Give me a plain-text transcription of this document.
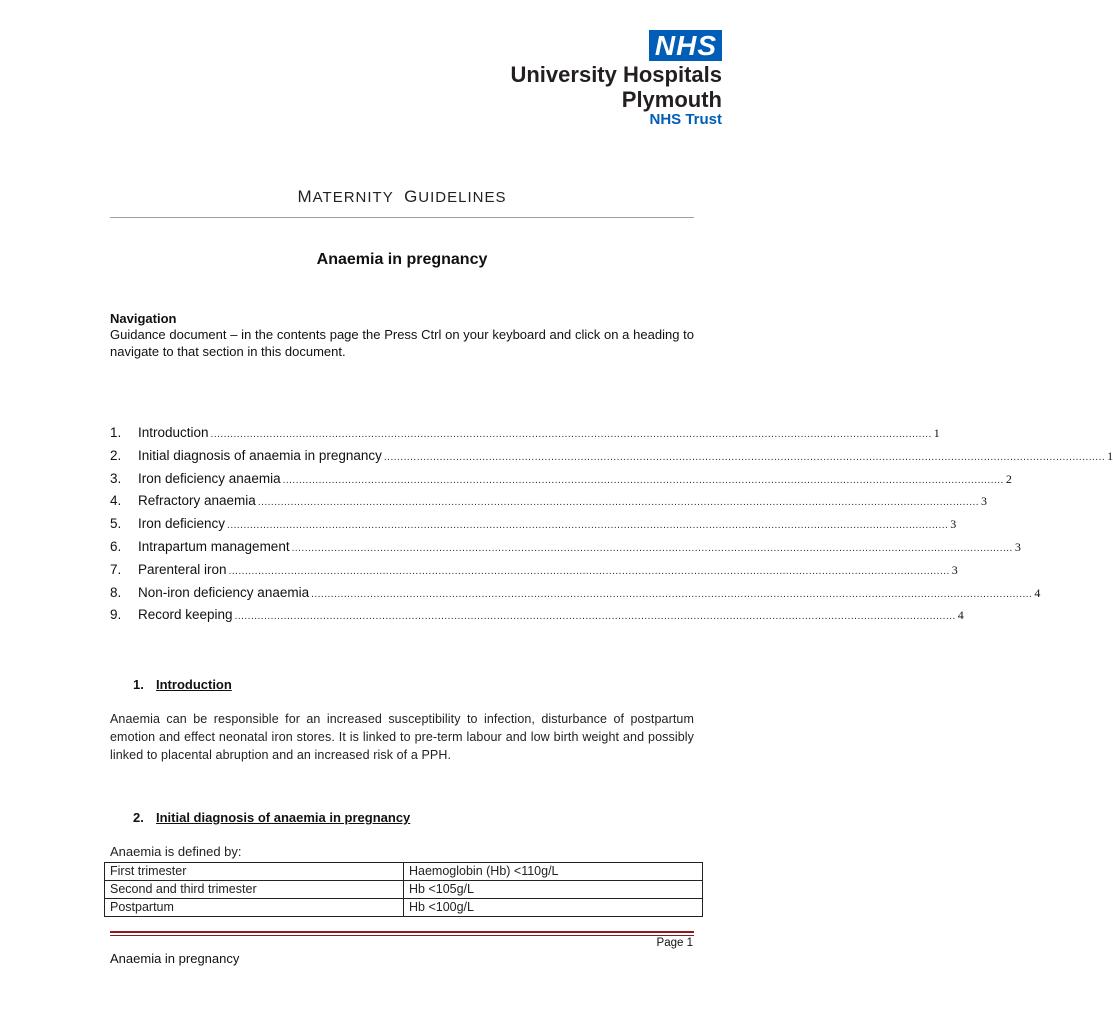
NHS
University Hospitals
Plymouth
NHS Trust
MATERNITY GUIDELINES
Anaemia in pregnancy
Navigation
Guidance document – in the contents page the Press Ctrl on your keyboard and click on a heading to navigate to that section in this document.
1.	Introduction ............................................................................................................................................................................................................................ 1
2.	Initial diagnosis of anaemia in pregnancy ............................................................................................................................................................................................................................ 1
3.	Iron deficiency anaemia ............................................................................................................................................................................................................................ 2
4.	Refractory anaemia ............................................................................................................................................................................................................................ 3
5.	Iron deficiency ............................................................................................................................................................................................................................ 3
6.	Intrapartum management ............................................................................................................................................................................................................................ 3
7.	Parenteral iron ............................................................................................................................................................................................................................ 3
8.	Non-iron deficiency anaemia ............................................................................................................................................................................................................................ 4
9.	Record keeping ............................................................................................................................................................................................................................ 4
1. Introduction
Anaemia can be responsible for an increased susceptibility to infection, disturbance of postpartum emotion and effect neonatal iron stores. It is linked to pre-term labour and low birth weight and possibly linked to placental abruption and an increased risk of a PPH.
2. Initial diagnosis of anaemia in pregnancy
Anaemia is defined by:
First trimester	Haemoglobin (Hb) <110g/L
Second and third trimester	Hb <105g/L
Postpartum	Hb <100g/L
Page 1
Anaemia in pregnancy
